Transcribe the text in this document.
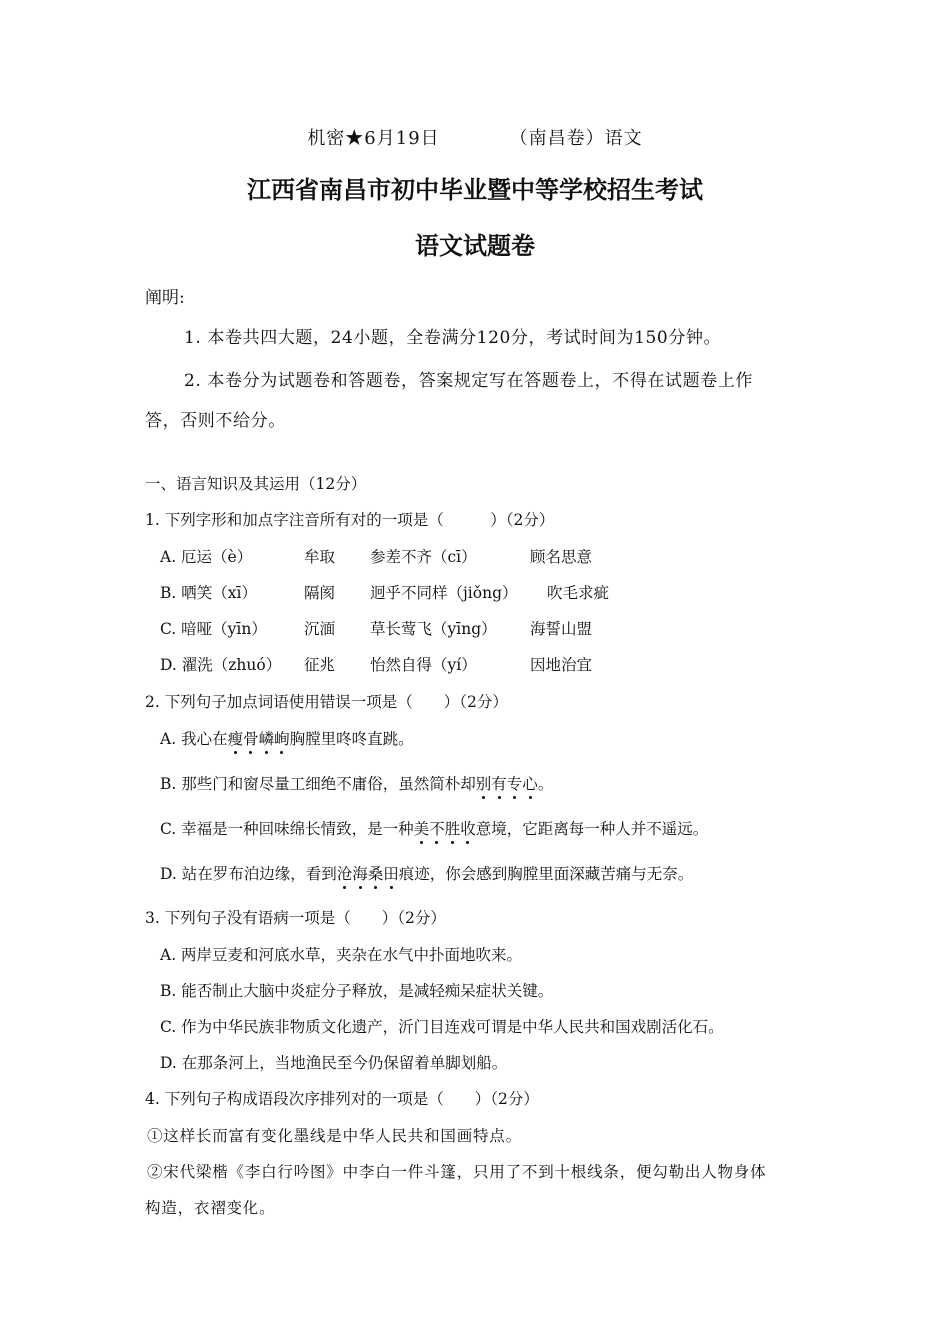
机密★6月19日	（南昌卷）语文
江西省南昌市初中毕业暨中等学校招生考试
语文试题卷
阐明:
1. 本卷共四大题，24小题，全卷满分120分，考试时间为150分钟。
2. 本卷分为试题卷和答题卷，答案规定写在答题卷上，不得在试题卷上作
答，否则不给分。
一、语言知识及其运用（12分）
1. 下列字形和加点字注音所有对的一项是（　　　）（2分）
A. 厄运（è）	牟取 参差不齐（cī）	顾名思意
B. 哂笑（xī）	隔阂 迥乎不同样（jiǒng） 吹毛求疵
C. 喑哑（yīn） 沉湎 草长莺飞（yīng） 海誓山盟
D. 濯洗（zhuó） 征兆 怡然自得（yí）	因地治宜
2. 下列句子加点词语使用错误一项是（　　）（2分）
A. 我心在瘦骨嶙峋胸膛里咚咚直跳。
B. 那些门和窗尽量工细绝不庸俗，虽然简朴却别有专心。
C. 幸福是一种回味绵长情致，是一种美不胜收意境，它距离每一种人并不遥远。
D. 站在罗布泊边缘，看到沧海桑田痕迹，你会感到胸膛里面深藏苦痛与无奈。
3. 下列句子没有语病一项是（　　）（2分）
A. 两岸豆麦和河底水草，夹杂在水气中扑面地吹来。
B. 能否制止大脑中炎症分子释放，是减轻痴呆症状关键。
C. 作为中华民族非物质文化遗产，沂门目连戏可谓是中华人民共和国戏剧活化石。
D. 在那条河上，当地渔民至今仍保留着单脚划船。
4. 下列句子构成语段次序排列对的一项是（　　）（2分）
①这样长而富有变化墨线是中华人民共和国画特点。
②宋代梁楷《李白行吟图》中李白一件斗篷，只用了不到十根线条，便勾勒出人物身体
构造，衣褶变化。
